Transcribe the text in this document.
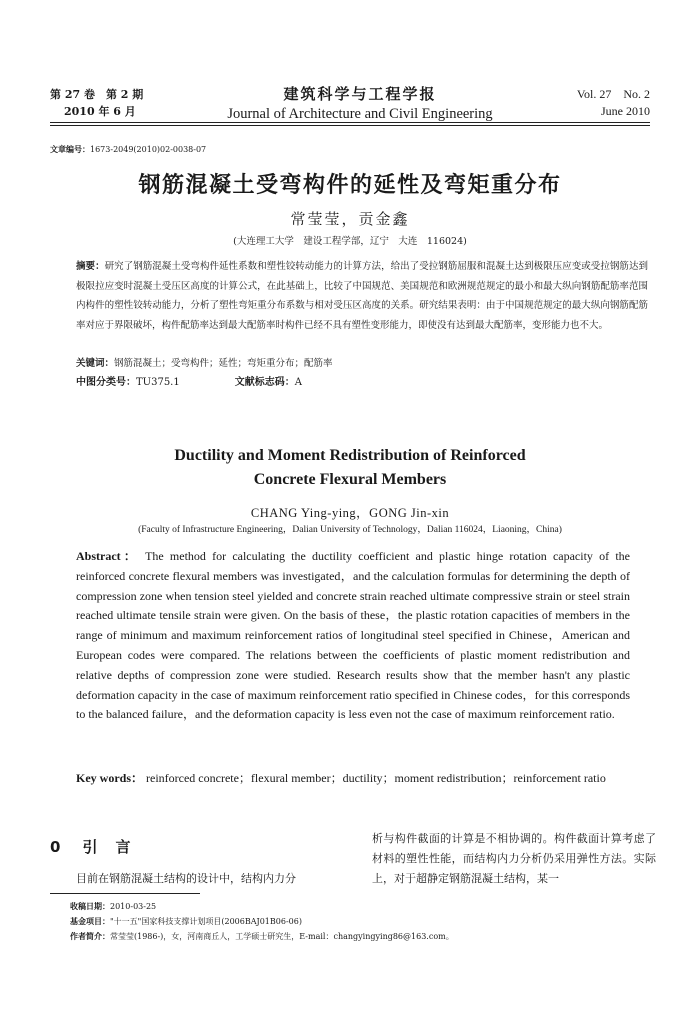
第 27 卷　第 2 期
2010 年 6 月
建筑科学与工程学报
Journal of Architecture and Civil Engineering
Vol. 27　No. 2
June 2010
文章编号：1673-2049(2010)02-0038-07
钢筋混凝土受弯构件的延性及弯矩重分布
常莹莹，贡金鑫
(大连理工大学　建设工程学部，辽宁　大连　116024)
摘要：研究了钢筋混凝土受弯构件延性系数和塑性铰转动能力的计算方法，给出了受拉钢筋屈服和混凝土达到极限压应变或受拉钢筋达到极限拉应变时混凝土受压区高度的计算公式，在此基础上，比较了中国规范、美国规范和欧洲规范规定的最小和最大纵向钢筋配筋率范围内构件的塑性铰转动能力，分析了塑性弯矩重分布系数与相对受压区高度的关系。研究结果表明：由于中国规范规定的最大纵向钢筋配筋率对应于界限破坏，构件配筋率达到最大配筋率时构件已经不具有塑性变形能力，即使没有达到最大配筋率，变形能力也不大。
关键词：钢筋混凝土；受弯构件；延性；弯矩重分布；配筋率
中图分类号：TU375.1	文献标志码：A
Ductility and Moment Redistribution of Reinforced
Concrete Flexural Members
CHANG Ying-ying，GONG Jin-xin
(Faculty of Infrastructure Engineering，Dalian University of Technology，Dalian 116024，Liaoning，China)
Abstract： The method for calculating the ductility coefficient and plastic hinge rotation capacity of the reinforced concrete flexural members was investigated，and the calculation formulas for determining the depth of compression zone when tension steel yielded and concrete strain reached ultimate compressive strain or steel strain reached ultimate tensile strain were given. On the basis of these，the plastic rotation capacities of members in the range of minimum and maximum reinforcement ratios of longitudinal steel specified in Chinese，American and European codes were compared. The relations between the coefficients of plastic moment redistribution and relative depths of compression zone were studied. Research results show that the member hasn't any plastic deformation capacity in the case of maximum reinforcement ratio specified in Chinese codes，for this corresponds to the balanced failure，and the deformation capacity is less even not the case of maximum reinforcement ratio.
Key words： reinforced concrete；flexural member；ductility；moment redistribution；reinforcement ratio
0 引言
目前在钢筋混凝土结构的设计中，结构内力分
析与构件截面的计算是不相协调的。构件截面计算考虑了材料的塑性性能，而结构内力分析仍采用弹性方法。实际上，对于超静定钢筋混凝土结构，某一
收稿日期：2010-03-25
基金项目："十一五"国家科技支撑计划项目(2006BAJ01B06-06)
作者简介：常莹莹(1986-)，女，河南商丘人，工学硕士研究生，E-mail：changyingying86@163.com。
